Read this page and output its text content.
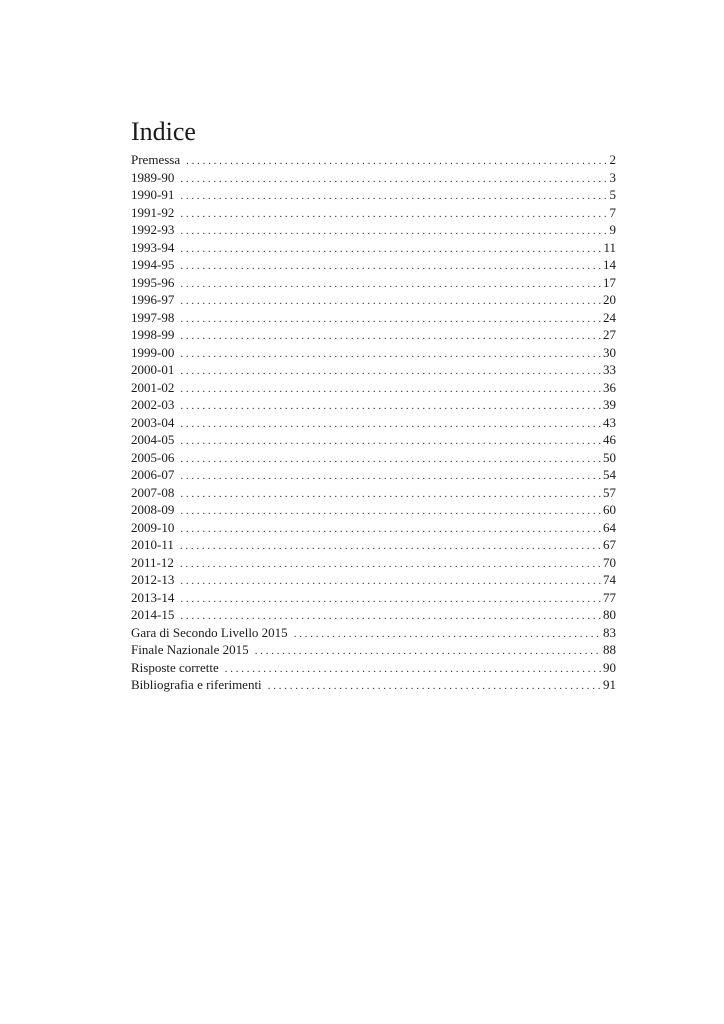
Indice
Premessa . . .	2
1989-90 . . .	3
1990-91 . . .	5
1991-92 . . .	7
1992-93 . . .	9
1993-94 . . .	11
1994-95 . . .	14
1995-96 . . .	17
1996-97 . . .	20
1997-98 . . .	24
1998-99 . . .	27
1999-00 . . .	30
2000-01 . . .	33
2001-02 . . .	36
2002-03 . . .	39
2003-04 . . .	43
2004-05 . . .	46
2005-06 . . .	50
2006-07 . . .	54
2007-08 . . .	57
2008-09 . . .	60
2009-10 . . .	64
2010-11 . . .	67
2011-12 . . .	70
2012-13 . . .	74
2013-14 . . .	77
2014-15 . . .	80
Gara di Secondo Livello 2015 . . .	83
Finale Nazionale 2015 . . .	88
Risposte corrette . . .	90
Bibliografia e riferimenti . . .	91
